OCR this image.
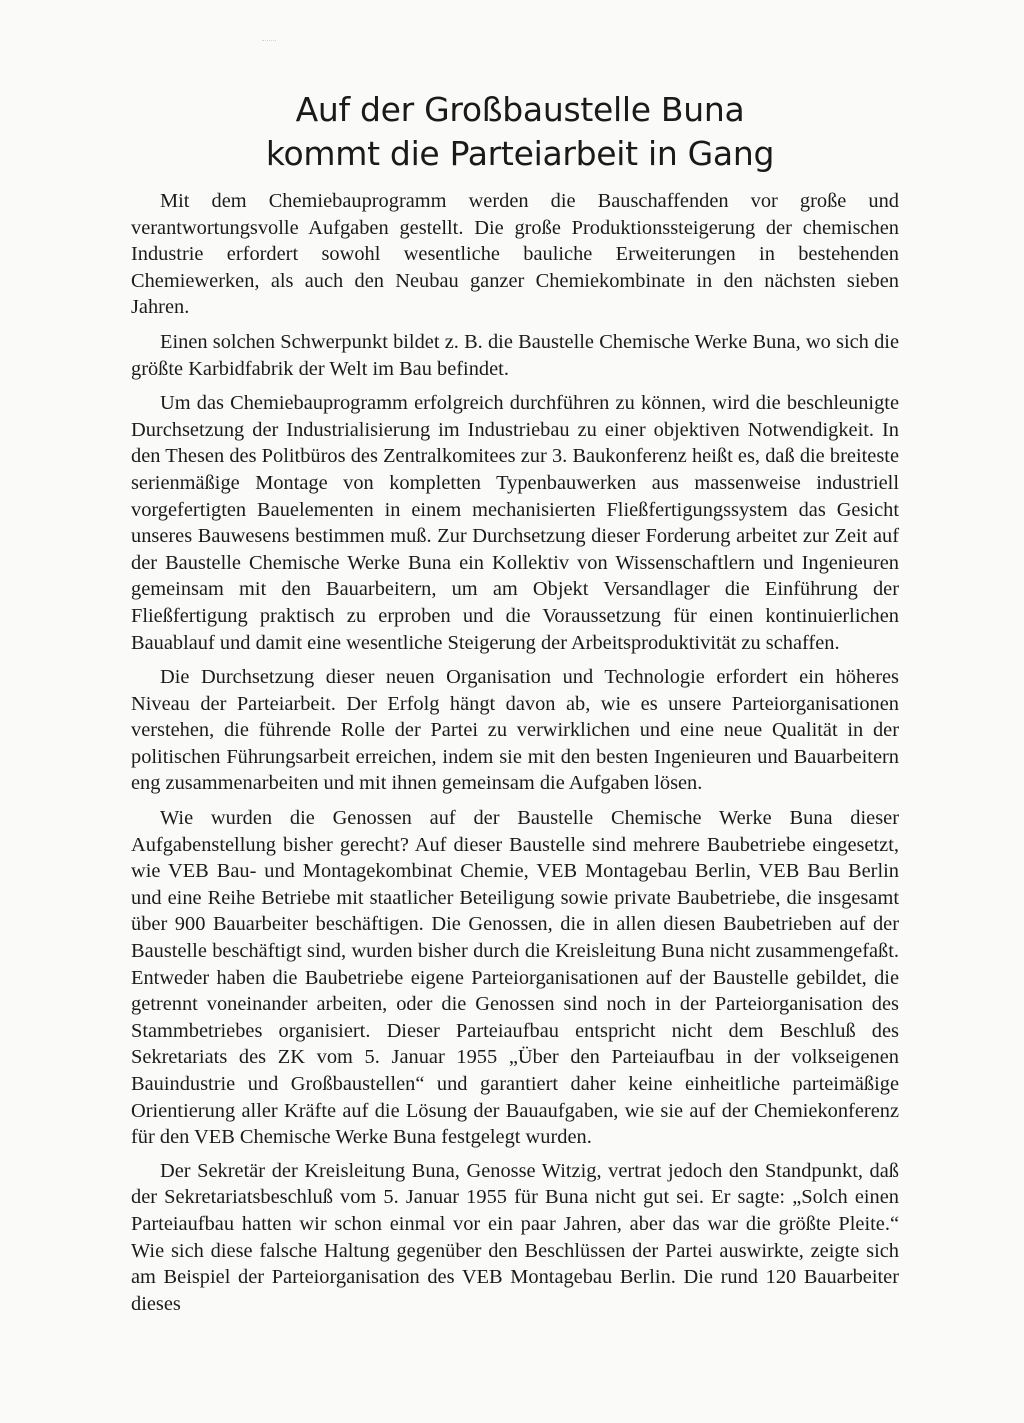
Auf der Großbaustelle Buna
kommt die Parteiarbeit in Gang

Mit dem Chemiebauprogramm werden die Bauschaffenden vor große und verantwortungsvolle Aufgaben gestellt. Die große Produktionssteigerung der chemischen Industrie erfordert sowohl wesentliche bauliche Erweiterungen in bestehenden Chemiewerken, als auch den Neubau ganzer Chemiekombinate in den nächsten sieben Jahren.

Einen solchen Schwerpunkt bildet z. B. die Baustelle Chemische Werke Buna, wo sich die größte Karbidfabrik der Welt im Bau befindet.

Um das Chemiebauprogramm erfolgreich durchführen zu können, wird die beschleunigte Durchsetzung der Industrialisierung im Industriebau zu einer objektiven Notwendigkeit. In den Thesen des Politbüros des Zentralkomitees zur 3. Baukonferenz heißt es, daß die breiteste serienmäßige Montage von kompletten Typenbauwerken aus massenweise industriell vorgefertigten Bauelementen in einem mechanisierten Fließfertigungssystem das Gesicht unseres Bauwesens bestimmen muß. Zur Durchsetzung dieser Forderung arbeitet zur Zeit auf der Baustelle Chemische Werke Buna ein Kollektiv von Wissenschaftlern und Ingenieuren gemeinsam mit den Bauarbeitern, um am Objekt Versandlager die Einführung der Fließfertigung praktisch zu erproben und die Voraussetzung für einen kontinuierlichen Bauablauf und damit eine wesentliche Steigerung der Arbeitsproduktivität zu schaffen.

Die Durchsetzung dieser neuen Organisation und Technologie erfordert ein höheres Niveau der Parteiarbeit. Der Erfolg hängt davon ab, wie es unsere Parteiorganisationen verstehen, die führende Rolle der Partei zu verwirklichen und eine neue Qualität in der politischen Führungsarbeit erreichen, indem sie mit den besten Ingenieuren und Bauarbeitern eng zusammenarbeiten und mit ihnen gemeinsam die Aufgaben lösen.

Wie wurden die Genossen auf der Baustelle Chemische Werke Buna dieser Aufgabenstellung bisher gerecht? Auf dieser Baustelle sind mehrere Baubetriebe eingesetzt, wie VEB Bau- und Montagekombinat Chemie, VEB Montagebau Berlin, VEB Bau Berlin und eine Reihe Betriebe mit staatlicher Beteiligung sowie private Baubetriebe, die insgesamt über 900 Bauarbeiter beschäftigen. Die Genossen, die in allen diesen Baubetrieben auf der Baustelle beschäftigt sind, wurden bisher durch die Kreisleitung Buna nicht zusammengefaßt. Entweder haben die Baubetriebe eigene Parteiorganisationen auf der Baustelle gebildet, die getrennt voneinander arbeiten, oder die Genossen sind noch in der Parteiorganisation des Stammbetriebes organisiert. Dieser Parteiaufbau entspricht nicht dem Beschluß des Sekretariats des ZK vom 5. Januar 1955 „Über den Parteiaufbau in der volkseigenen Bauindustrie und Großbaustellen“ und garantiert daher keine einheitliche parteimäßige Orientierung aller Kräfte auf die Lösung der Bauaufgaben, wie sie auf der Chemiekonferenz für den VEB Chemische Werke Buna festgelegt wurden.

Der Sekretär der Kreisleitung Buna, Genosse Witzig, vertrat jedoch den Standpunkt, daß der Sekretariatsbeschluß vom 5. Januar 1955 für Buna nicht gut sei. Er sagte: „Solch einen Parteiaufbau hatten wir schon einmal vor ein paar Jahren, aber das war die größte Pleite.“ Wie sich diese falsche Haltung gegenüber den Beschlüssen der Partei auswirkte, zeigte sich am Beispiel der Parteiorganisation des VEB Montagebau Berlin. Die rund 120 Bauarbeiter dieses
